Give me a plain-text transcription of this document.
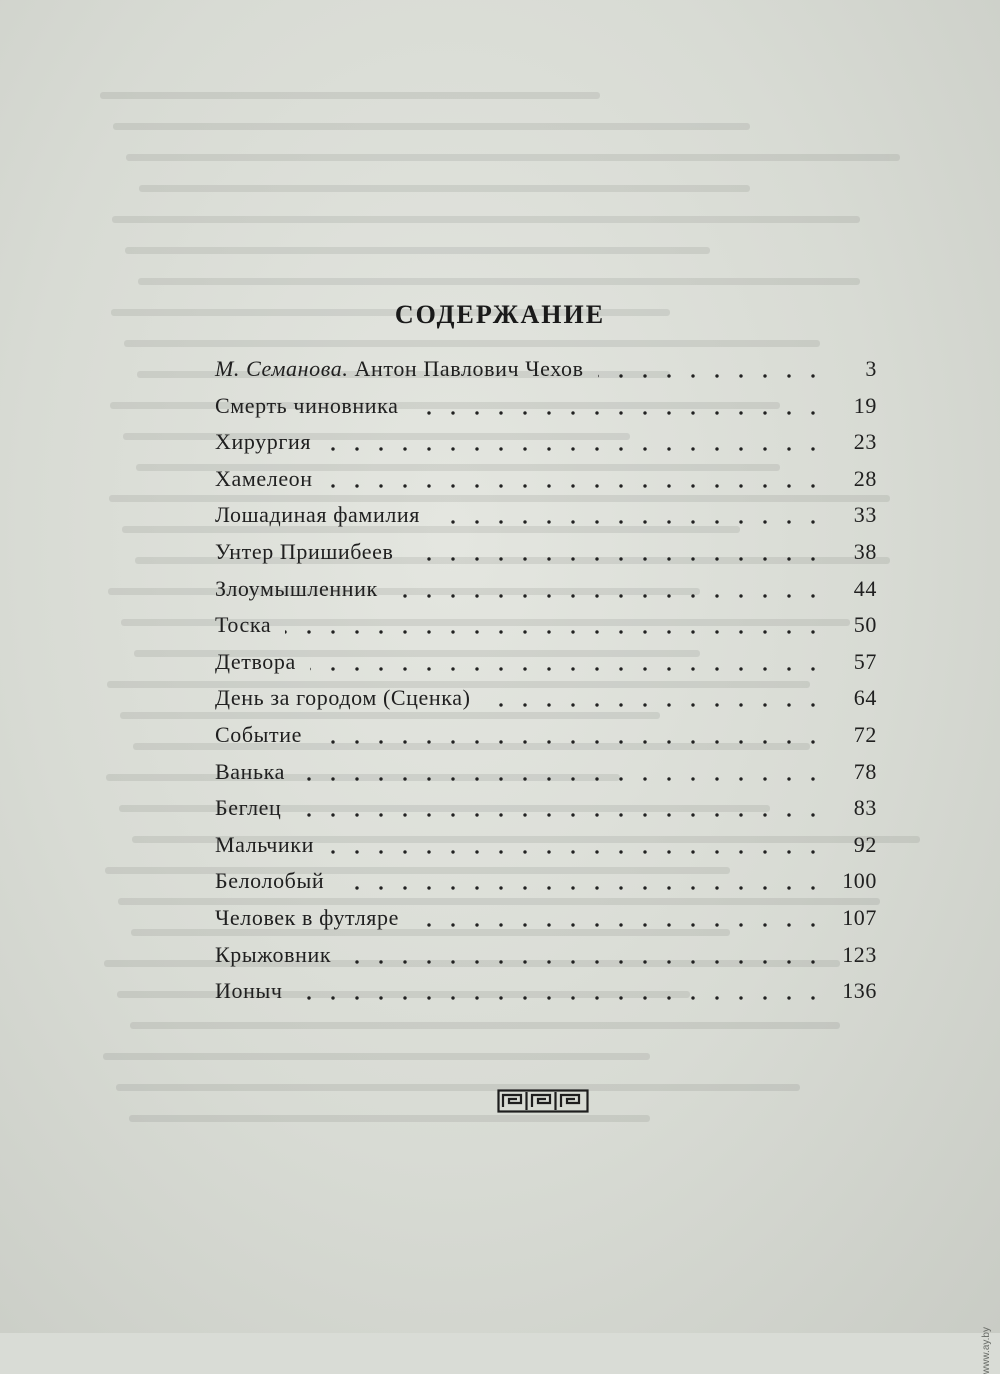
СОДЕРЖАНИЕ
М. Семанова. Антон Павлович Чехов	3
Смерть чиновника	19
Хирургия	23
Хамелеон	28
Лошадиная фамилия	33
Унтер Пришибеев	38
Злоумышленник	44
Тоска	50
Детвора	57
День за городом (Сценка)	64
Событие	72
Ванька	78
Беглец	83
Мальчики	92
Белолобый	100
Человек в футляре	107
Крыжовник	123
Ионыч	136
www.ay.by
